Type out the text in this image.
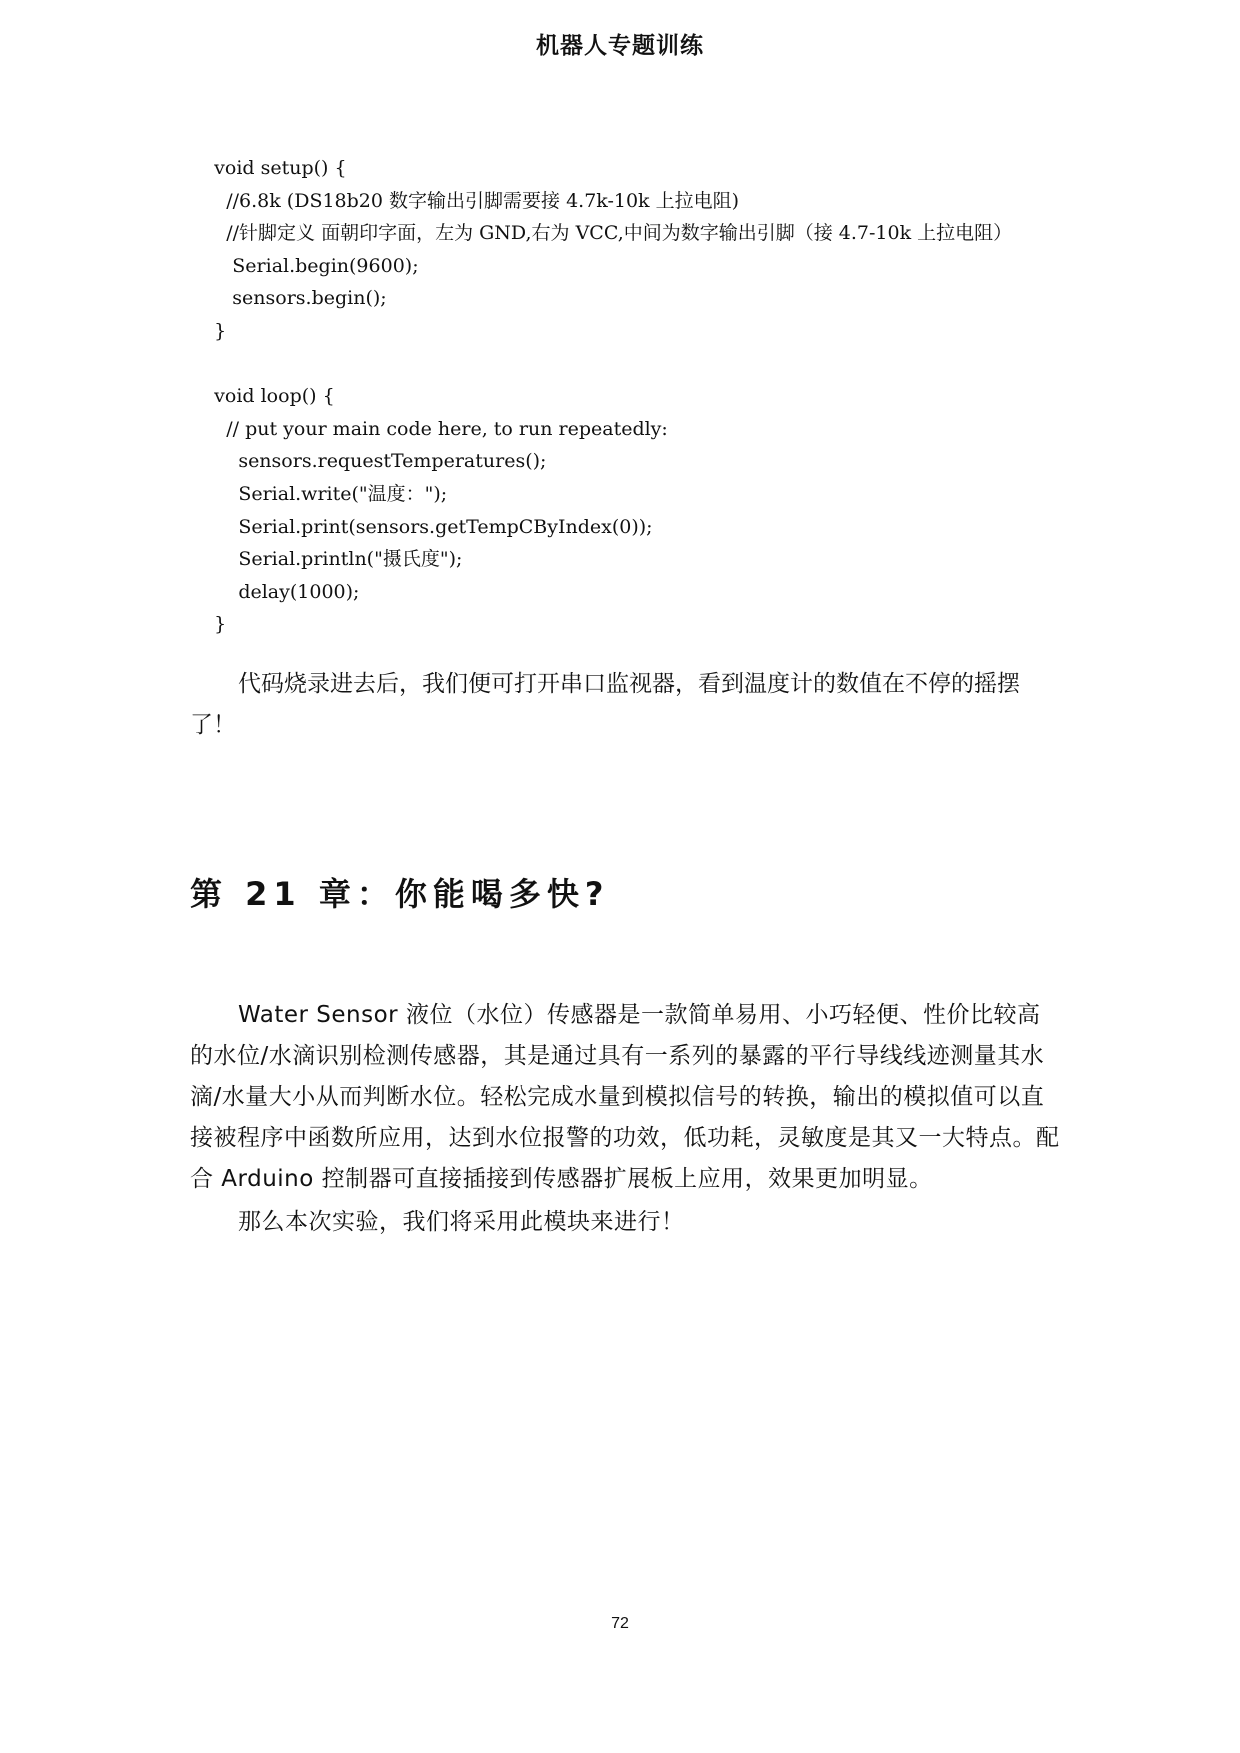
机器人专题训练
void setup() {
//6.8k (DS18b20 数字输出引脚需要接 4.7k-10k 上拉电阻)
//针脚定义 面朝印字面，左为 GND,右为 VCC,中间为数字输出引脚（接 4.7-10k 上拉电阻）
Serial.begin(9600);
sensors.begin();
}
void loop() {
// put your main code here, to run repeatedly:
sensors.requestTemperatures();
Serial.write("温度：");
Serial.print(sensors.getTempCByIndex(0));
Serial.println("摄氏度");
delay(1000);
}

代码烧录进去后，我们便可打开串口监视器，看到温度计的数值在不停的摇摆了！

第 21 章：你能喝多快?

Water Sensor 液位（水位）传感器是一款简单易用、小巧轻便、性价比较高的水位/水滴识别检测传感器，其是通过具有一系列的暴露的平行导线线迹测量其水滴/水量大小从而判断水位。轻松完成水量到模拟信号的转换，输出的模拟值可以直接被程序中函数所应用，达到水位报警的功效，低功耗，灵敏度是其又一大特点。配合 Arduino 控制器可直接插接到传感器扩展板上应用，效果更加明显。

那么本次实验，我们将采用此模块来进行！

72
